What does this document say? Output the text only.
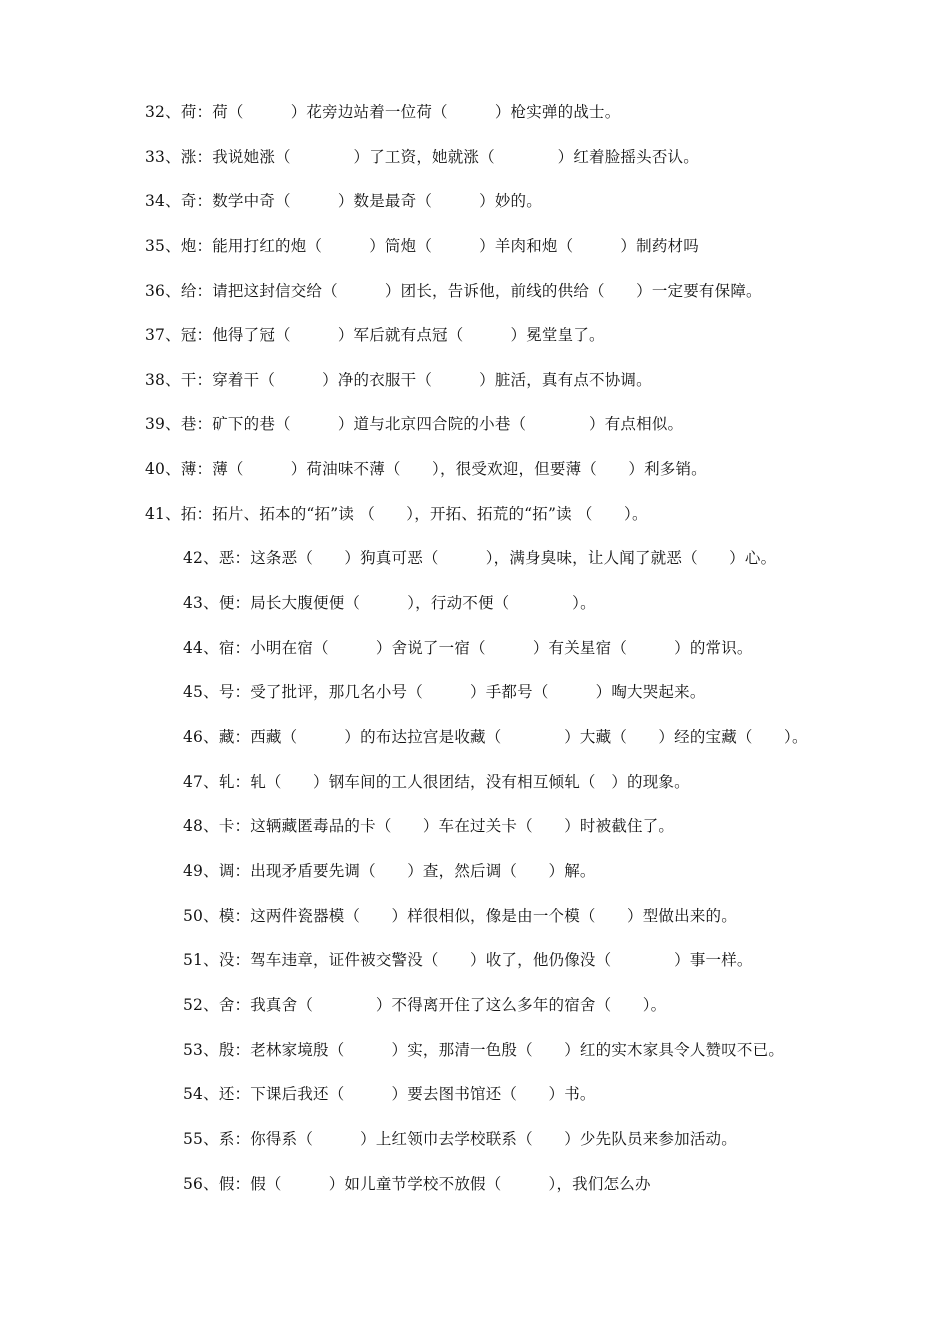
32、荷：荷（　　　）花旁边站着一位荷（　　　）枪实弹的战士。
33、涨：我说她涨（　　　　）了工资，她就涨（　　　　）红着脸摇头否认。
34、奇：数学中奇（　　　）数是最奇（　　　）妙的。
35、炮：能用打红的炮（　　　）筒炮（　　　）羊肉和炮（　　　）制药材吗
36、给：请把这封信交给（　　　）团长，告诉他，前线的供给（　　）一定要有保障。
37、冠：他得了冠（　　　）军后就有点冠（　　　）冕堂皇了。
38、干：穿着干（　　　）净的衣服干（　　　）脏活，真有点不协调。
39、巷：矿下的巷（　　　）道与北京四合院的小巷（　　　　）有点相似。
40、薄：薄（　　　）荷油味不薄（　　），很受欢迎，但要薄（　　）利多销。
41、拓：拓片、拓本的“拓”读 （　　），开拓、拓荒的“拓”读 （　　）。
42、恶：这条恶（　　）狗真可恶（　　　），满身臭味，让人闻了就恶（　　）心。
43、便：局长大腹便便（　　　），行动不便（　　　　）。
44、宿：小明在宿（　　　）舍说了一宿（　　　）有关星宿（　　　）的常识。
45、号：受了批评，那几名小号（　　　）手都号（　　　）啕大哭起来。
46、藏：西藏（　　　）的布达拉宫是收藏（　　　　）大藏（　　）经的宝藏（　　）。
47、轧：轧（　　）钢车间的工人很团结，没有相互倾轧（　）的现象。
48、卡：这辆藏匿毒品的卡（　　）车在过关卡（　　）时被截住了。
49、调：出现矛盾要先调（　　）查，然后调（　　）解。
50、模：这两件瓷器模（　　）样很相似，像是由一个模（　　）型做出来的。
51、没：驾车违章，证件被交警没（　　）收了，他仍像没（　　　　）事一样。
52、舍：我真舍（　　　　）不得离开住了这么多年的宿舍（　　）。
53、殷：老林家境殷（　　　）实，那清一色殷（　　）红的实木家具令人赞叹不已。
54、还：下课后我还（　　　）要去图书馆还（　　）书。
55、系：你得系（　　　）上红领巾去学校联系（　　）少先队员来参加活动。
56、假：假（　　　）如儿童节学校不放假（　　　），我们怎么办
